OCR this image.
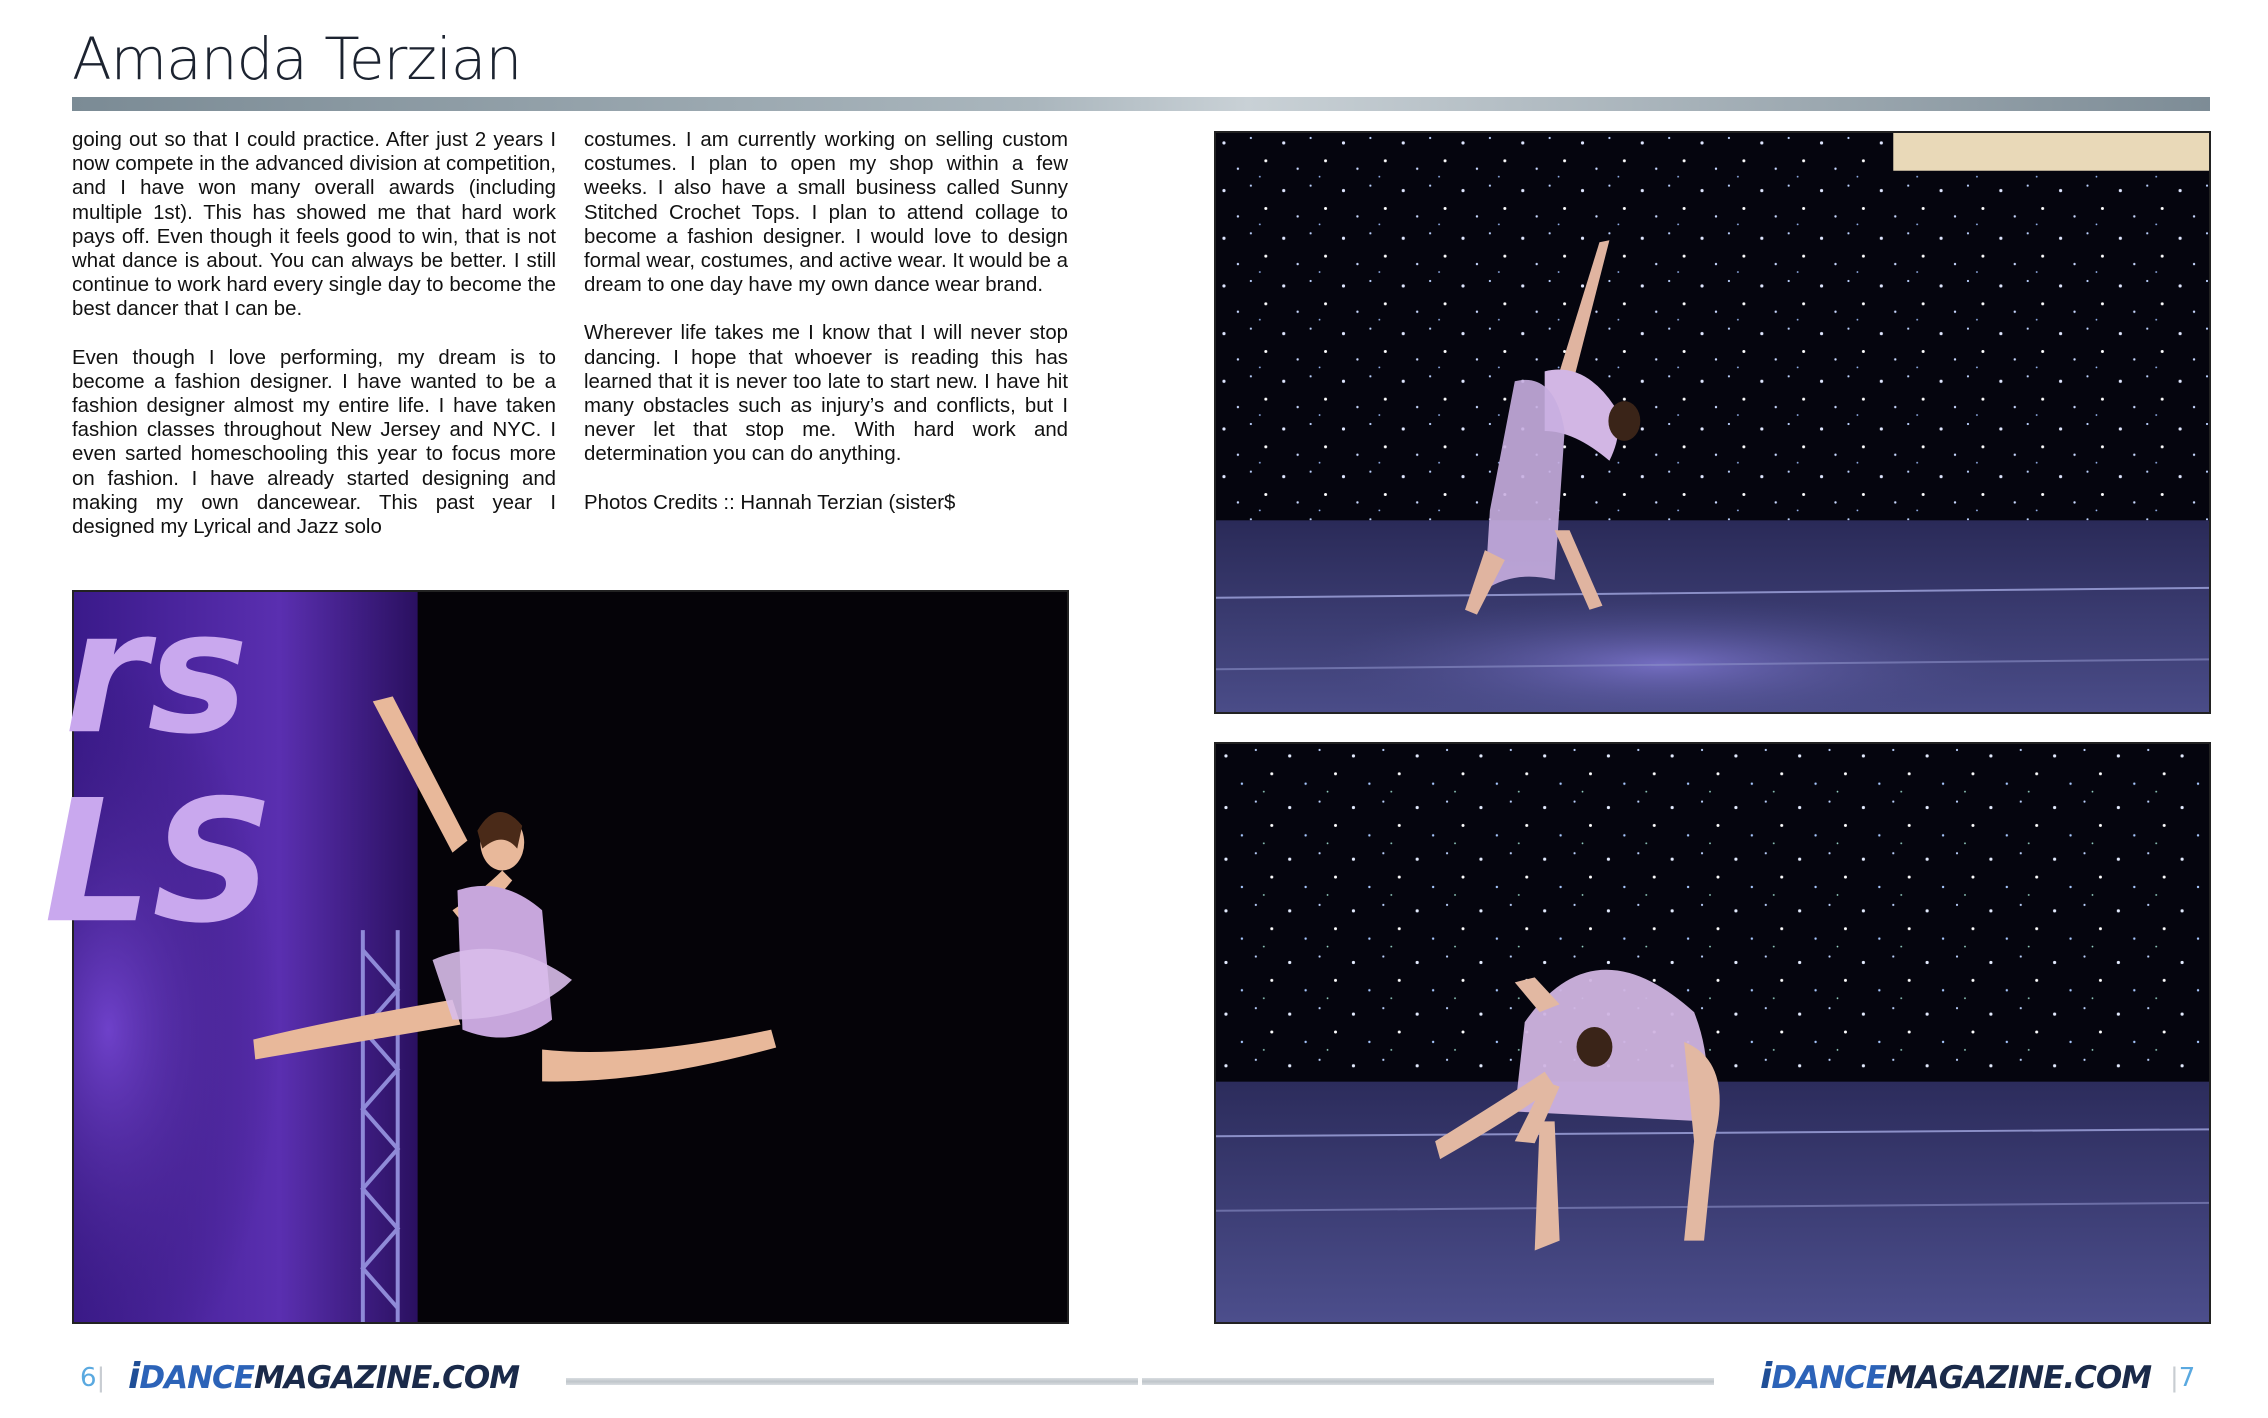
Amanda Terzian

going out so that I could practice. After just 2 years I now compete in the advanced division at competition, and I have won many overall awards (including multiple 1st). This has showed me that hard work pays off. Even though it feels good to win, that is not what dance is about. You can always be better. I still continue to work hard every single day to become the best dancer that I can be.

Even though I love performing, my dream is to become a fashion designer. I have wanted to be a fashion designer almost my entire life. I have taken fashion classes throughout New Jersey and NYC. I even sarted homeschooling this year to focus more on fashion. I have already started designing and making my own dancewear. This past year I designed my Lyrical and Jazz solo

costumes. I am currently working on selling custom costumes. I plan to open my shop within a few weeks. I also have a small business called Sunny Stitched Crochet Tops. I plan to attend collage to become a fashion designer. I would love to design formal wear, costumes, and active wear. It would be a dream to one day have my own dance wear brand.

Wherever life takes me I know that I will never stop dancing. I hope that whoever is reading this has learned that it is never too late to start new. I have hit many obstacles such as injury’s and conflicts, but I never let that stop me. With hard work and determination you can do anything.

Photos Credits :: Hannah Terzian (sister$

rs
LS
6| iDANCEMAGAZINE.COM	iDANCEMAGAZINE.COM |7
